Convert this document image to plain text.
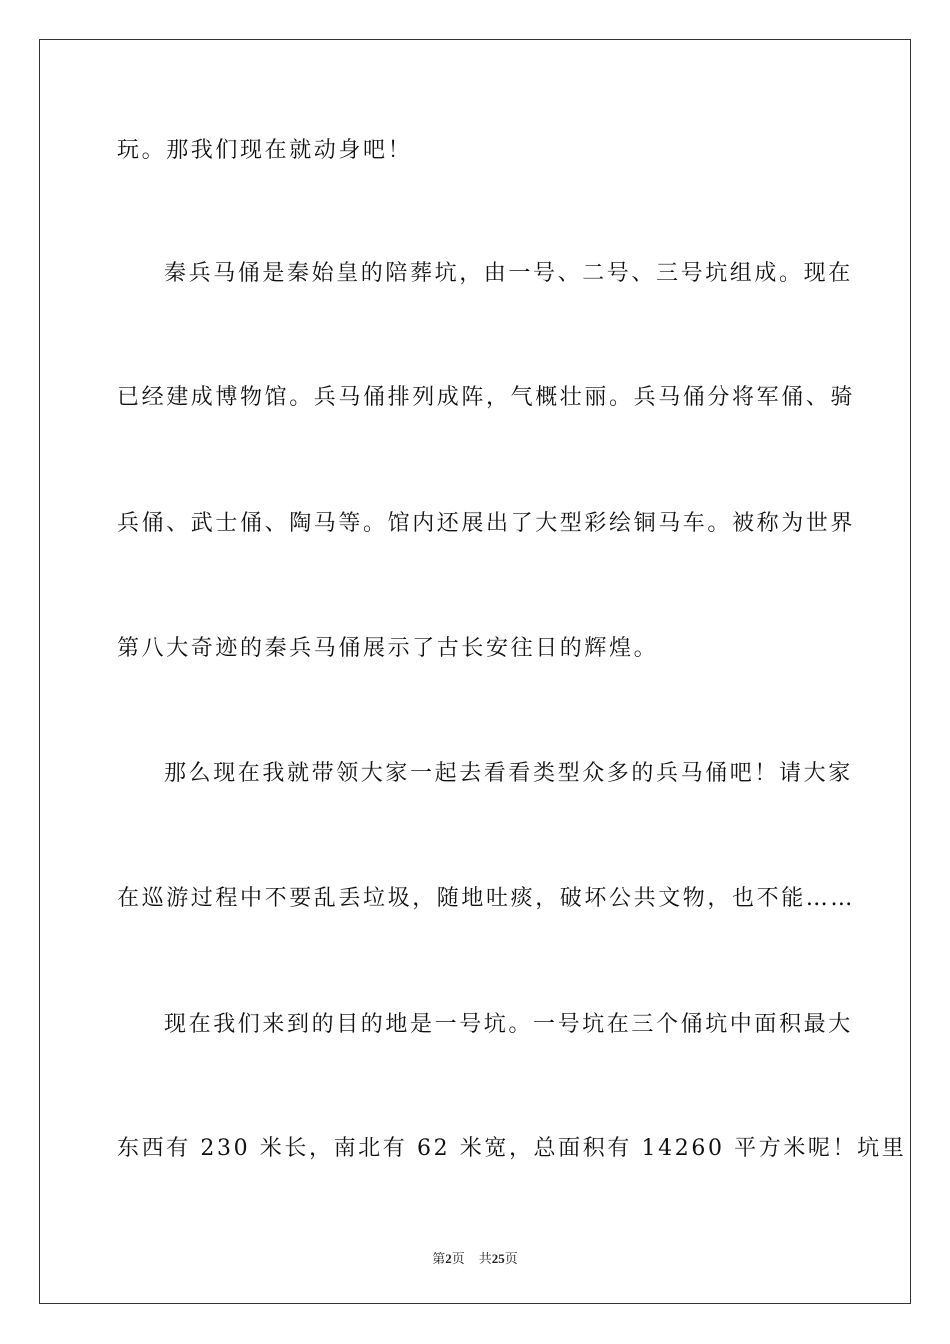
玩。那我们现在就动身吧！
秦兵马俑是秦始皇的陪葬坑，由一号、二号、三号坑组成。现在
已经建成博物馆。兵马俑排列成阵，气概壮丽。兵马俑分将军俑、骑
兵俑、武士俑、陶马等。馆内还展出了大型彩绘铜马车。被称为世界
第八大奇迹的秦兵马俑展示了古长安往日的辉煌。
那么现在我就带领大家一起去看看类型众多的兵马俑吧！请大家
在巡游过程中不要乱丢垃圾，随地吐痰，破坏公共文物，也不能……
现在我们来到的目的地是一号坑。一号坑在三个俑坑中面积最大
东西有 230 米长，南北有 62 米宽，总面积有 14260 平方米呢！坑里
第2页 共25页
